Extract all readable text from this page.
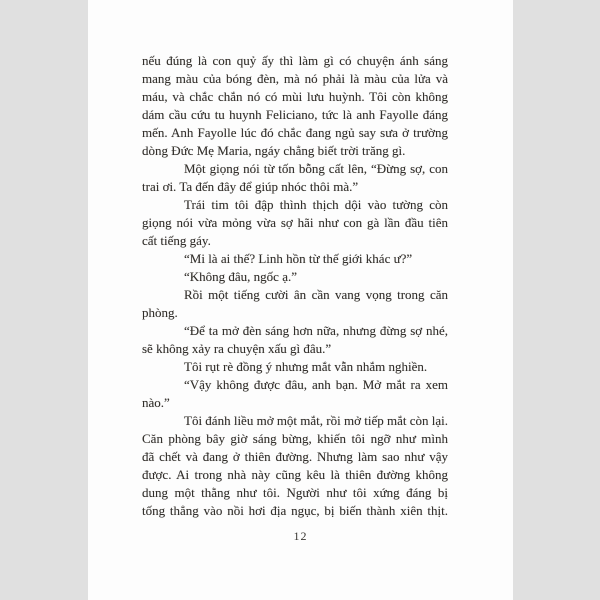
nếu đúng là con quỷ ấy thì làm gì có chuyện ánh sáng
mang màu của bóng đèn, mà nó phải là màu của lửa và
máu, và chắc chắn nó có mùi lưu huỳnh. Tôi còn không
dám cầu cứu tu huynh Feliciano, tức là anh Fayolle đáng
mến. Anh Fayolle lúc đó chắc đang ngủ say sưa ở trường
dòng Đức Mẹ Maria, ngáy chẳng biết trời trăng gì.
Một giọng nói từ tốn bỗng cất lên, “Đừng sợ, con
trai ơi. Ta đến đây để giúp nhóc thôi mà.”
Trái tim tôi đập thình thịch dội vào tường còn
giọng nói vừa mỏng vừa sợ hãi như con gà lần đầu tiên
cất tiếng gáy.
“Mi là ai thế? Linh hồn từ thế giới khác ư?”
“Không đâu, ngốc ạ.”
Rồi một tiếng cười ân cần vang vọng trong căn
phòng.
“Để ta mở đèn sáng hơn nữa, nhưng đừng sợ nhé,
sẽ không xảy ra chuyện xấu gì đâu.”
Tôi rụt rè đồng ý nhưng mắt vẫn nhắm nghiền.
“Vậy không được đâu, anh bạn. Mở mắt ra xem
nào.”
Tôi đánh liều mở một mắt, rồi mở tiếp mắt còn lại.
Căn phòng bây giờ sáng bừng, khiến tôi ngỡ như mình
đã chết và đang ở thiên đường. Nhưng làm sao như vậy
được. Ai trong nhà này cũng kêu là thiên đường không
dung một thằng như tôi. Người như tôi xứng đáng bị
tống thẳng vào nồi hơi địa ngục, bị biến thành xiên thịt.
12
